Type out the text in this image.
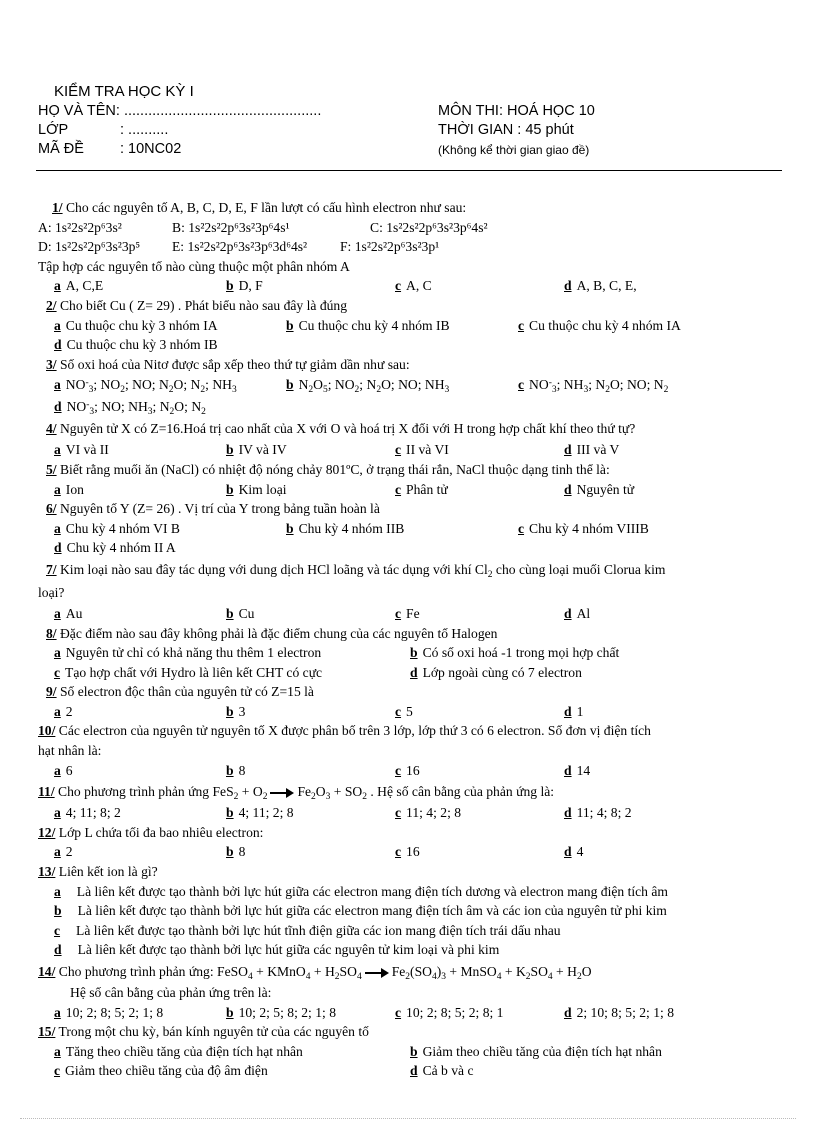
KIỂM TRA HỌC KỲ I
HỌ VÀ TÊN: .................................................
LỚP	: ..........
MÃ ĐỀ : 10NC02
MÔN THI: HOÁ HỌC 10
THỜI GIAN : 45 phút
(Không kể thời gian giao đề)
1/ Cho các nguyên tố A, B, C, D, E, F lần lượt có cấu hình electron như sau:
A: 1s²2s²2p⁶3s²	B: 1s²2s²2p⁶3s²3p⁶4s¹	C: 1s²2s²2p⁶3s²3p⁶4s²
D: 1s²2s²2p⁶3s²3p⁵ E: 1s²2s²2p⁶3s²3p⁶3d⁶4s² F: 1s²2s²2p⁶3s²3p¹
Tập hợp các nguyên tố nào cùng thuộc một phân nhóm A
a A, C,E	b D, F	c A, C	d A, B, C, E,
2/ Cho biết Cu ( Z= 29) . Phát biểu nào sau đây là đúng
a Cu thuộc chu kỳ 3 nhóm IA	b Cu thuộc chu kỳ 4 nhóm IB	c Cu thuộc chu kỳ 4 nhóm IA
d Cu thuộc chu kỳ 3 nhóm IB
3/ Số oxi hoá của Nitơ được sắp xếp theo thứ tự giảm dần như sau:
a $NO^-_3$; $NO_2$; NO; $N_2O$; $N_2$; $NH_3$	b $N_2O_5$; $NO_2$; $N_2O$; NO; $NH_3$	c $NO^-_3$; $NH_3$; $N_2O$; NO; $N_2$
d $NO^-_3$; NO; $NH_3$; $N_2O$; $N_2$
4/ Nguyên tử X có Z=16.Hoá trị cao nhất của X với O và hoá trị X đối với H trong hợp chất khí theo thứ tự?
a VI và II	b IV và IV	c II và VI	d III và V
5/ Biết rằng muối ăn (NaCl) có nhiệt độ nóng chảy 801ºC, ở trạng thái rắn, NaCl thuộc dạng tinh thể là:
a Ion	b Kim loại	c Phân tử	d Nguyên tử
6/ Nguyên tố Y (Z= 26) . Vị trí của Y trong bảng tuần hoàn là
a Chu kỳ 4 nhóm VI B	b Chu kỳ 4 nhóm IIB	c Chu kỳ 4 nhóm VIIIB
d Chu kỳ 4 nhóm II A
7/ Kim loại nào sau đây tác dụng với dung dịch HCl loãng và tác dụng với khí $Cl_2$ cho cùng loại muối Clorua kim
loại?
a Au	b Cu	c Fe	d Al
8/ Đặc điểm nào sau đây không phải là đặc điểm chung của các nguyên tố Halogen
a Nguyên tử chỉ có khả năng thu thêm 1 electron	b Có số oxi hoá -1 trong mọi hợp chất
c Tạo hợp chất với Hydro là liên kết CHT có cực	d Lớp ngoài cùng có 7 electron
9/ Số electron độc thân của nguyên tử có Z=15 là
a 2	b 3	c 5	d 1
10/ Các electron của nguyên tử nguyên tố X được phân bố trên 3 lớp, lớp thứ 3 có 6 electron. Số đơn vị điện tích
hạt nhân là:
a 6	b 8	c 16	d 14
11/ Cho phương trình phản ứng $FeS_2 + O_2$ $Fe_2O_3 + SO_2$ . Hệ số cân bằng của phản ứng là:
a 4; 11; 8; 2	b 4; 11; 2; 8	c 11; 4; 2; 8	d 11; 4; 8; 2
12/ Lớp L chứa tối đa bao nhiêu electron:
a 2	b 8	c 16	d 4
13/ Liên kết ion là gì?
a Là liên kết được tạo thành bởi lực hút giữa các electron mang điện tích dương và electron mang điện tích âm
b Là liên kết được tạo thành bởi lực hút giữa các electron mang điện tích âm và các ion của nguyên tử phi kim
c Là liên kết được tạo thành bởi lực hút tĩnh điện giữa các ion mang điện tích trái dấu nhau
d Là liên kết được tạo thành bởi lực hút giữa các nguyên tử kim loại và phi kim
14/ Cho phương trình phản ứng: FeSO$_4$ + KMnO$_4$ + $H_2SO_4$ $Fe_2(SO_4)_3$ + MnSO$_4$ + $K_2SO_4 + H_2O$
Hệ số cân bằng của phản ứng trên là:
a 10; 2; 8; 5; 2; 1; 8	b 10; 2; 5; 8; 2; 1; 8	c 10; 2; 8; 5; 2; 8; 1	d 2; 10; 8; 5; 2; 1; 8
15/ Trong một chu kỳ, bán kính nguyên tử của các nguyên tố
a Tăng theo chiều tăng của điện tích hạt nhân	b Giảm theo chiều tăng của điện tích hạt nhân
c Giảm theo chiều tăng của độ âm điện	d Cả b và c
